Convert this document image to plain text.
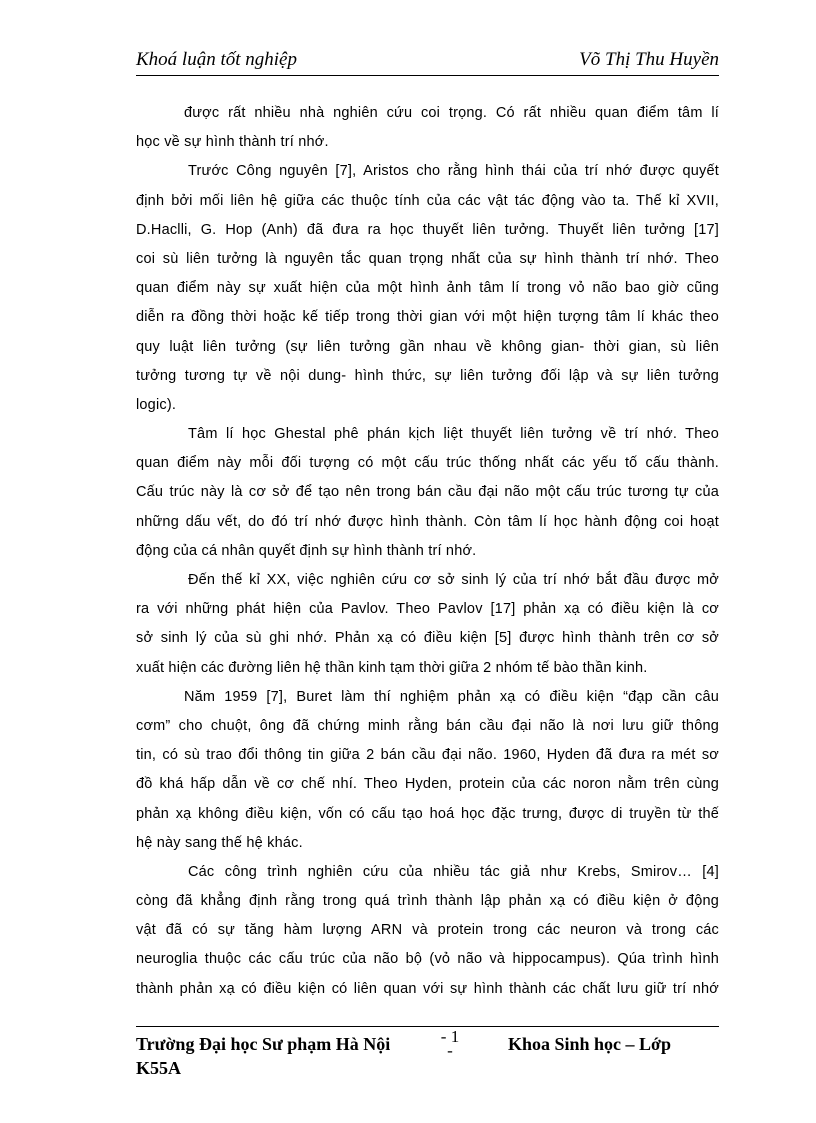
Khoá luận tốt nghiệp	Võ Thị Thu Huyền
được rất nhiều nhà nghiên cứu coi trọng. Có rất nhiều quan điểm tâm lí
học về sự hình thành trí nhớ.
Trước Công nguyên [7], Aristos cho rằng hình thái của trí nhớ được quyết
định bởi mối liên hệ giữa các thuộc tính của các vật tác động vào ta. Thế kỉ XVII,
D.Haclli, G. Hop (Anh) đã đưa ra học thuyết liên tưởng. Thuyết liên tưởng [17]
coi sù liên tưởng là nguyên tắc quan trọng nhất của sự hình thành trí nhớ. Theo
quan điểm này sự xuất hiện của một hình ảnh tâm lí trong vỏ não bao giờ cũng
diễn ra đồng thời hoặc kế tiếp trong thời gian với một hiện tượng tâm lí khác theo
quy luật liên tưởng (sự liên tưởng gần nhau về không gian- thời gian, sù liên
tưởng tương tự về nội dung- hình thức, sự liên tưởng đối lập và sự liên tưởng
logic).
Tâm lí học Ghestal phê phán kịch liệt thuyết liên tưởng về trí nhớ. Theo
quan điểm này mỗi đối tượng có một cấu trúc thống nhất các yếu tố cấu thành.
Cấu trúc này là cơ sở để tạo nên trong bán cầu đại não một cấu trúc tương tự của
những dấu vết, do đó trí nhớ được hình thành. Còn tâm lí học hành động coi hoạt
động của cá nhân quyết định sự hình thành trí nhớ.
Đến thế kỉ XX, việc nghiên cứu cơ sở sinh lý của trí nhớ bắt đầu được mở
ra với những phát hiện của Pavlov. Theo Pavlov [17] phản xạ có điều kiện là cơ
sở sinh lý của sù ghi nhớ. Phản xạ có điều kiện [5] được hình thành trên cơ sở
xuất hiện các đường liên hệ thần kinh tạm thời giữa 2 nhóm tế bào thần kinh.
Năm 1959 [7], Buret làm thí nghiệm phản xạ có điều kiện “đạp cần câu
cơm” cho chuột, ông đã chứng minh rằng bán cầu đại não là nơi lưu giữ thông
tin, có sù trao đổi thông tin giữa 2 bán cầu đại não. 1960, Hyden đã đưa ra mét sơ
đồ khá hấp dẫn về cơ chế nhí. Theo Hyden, protein của các noron nằm trên cùng
phản xạ không điều kiện, vốn có cấu tạo hoá học đặc trưng, được di truyền từ thế
hệ này sang thế hệ khác.
Các công trình nghiên cứu của nhiều tác giả như Krebs, Smirov… [4]
còng đã khẳng định rằng trong quá trình thành lập phản xạ có điều kiện ở động
vật đã có sự tăng hàm lượng ARN và protein trong các neuron và trong các
neuroglia thuộc các cấu trúc của não bộ (vỏ não và hippocampus). Qúa trình hình
thành phản xạ có điều kiện có liên quan với sự hình thành các chất lưu giữ trí nhớ
Trường Đại học Sư phạm Hà Nội
K55A
- 1 -	Khoa Sinh học – Lớp
